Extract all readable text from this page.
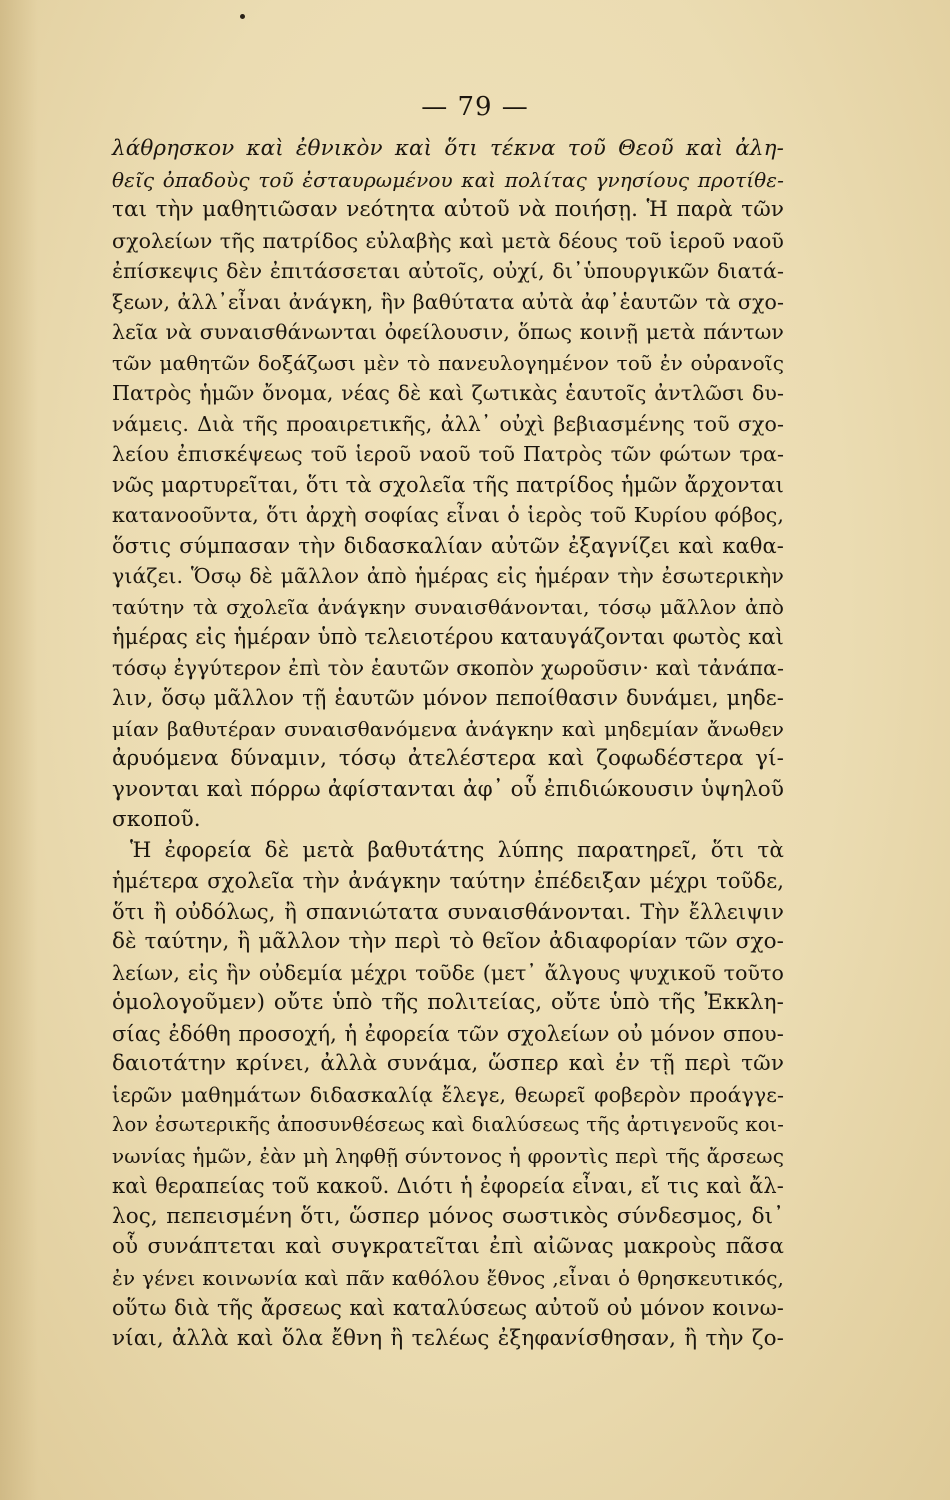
— 79 —
λάθρησκον καὶ ἐθνικὸν καὶ ὅτι τέκνα τοῦ Θεοῦ καὶ ἀλη-
θεῖς ὀπαδοὺς τοῦ ἐσταυρωμένου καὶ πολίτας γνησίους προτίθε-
ται τὴν μαθητιῶσαν νεότητα αὐτοῦ νὰ ποιήσῃ. Ἡ παρὰ τῶν
σχολείων τῆς πατρίδος εὐλαβὴς καὶ μετὰ δέους τοῦ ἱεροῦ ναοῦ
ἐπίσκεψις δὲν ἐπιτάσσεται αὐτοῖς, οὐχί, δι᾽ὑπουργικῶν διατά-
ξεων, ἀλλ᾽εἶναι ἀνάγκη, ἣν βαθύτατα αὐτὰ ἀφ᾽ἑαυτῶν τὰ σχο-
λεῖα νὰ συναισθάνωνται ὀφείλουσιν, ὅπως κοινῇ μετὰ πάντων
τῶν μαθητῶν δοξάζωσι μὲν τὸ πανευλογημένον τοῦ ἐν οὐρανοῖς
Πατρὸς ἡμῶν ὄνομα, νέας δὲ καὶ ζωτικὰς ἑαυτοῖς ἀντλῶσι δυ-
νάμεις. Διὰ τῆς προαιρετικῆς, ἀλλ᾽ οὐχὶ βεβιασμένης τοῦ σχο-
λείου ἐπισκέψεως τοῦ ἱεροῦ ναοῦ τοῦ Πατρὸς τῶν φώτων τρα-
νῶς μαρτυρεῖται, ὅτι τὰ σχολεῖα τῆς πατρίδος ἡμῶν ἄρχονται
κατανοοῦντα, ὅτι ἀρχὴ σοφίας εἶναι ὁ ἱερὸς τοῦ Κυρίου φόβος,
ὅστις σύμπασαν τὴν διδασκαλίαν αὐτῶν ἐξαγνίζει καὶ καθα-
γιάζει. Ὅσῳ δὲ μᾶλλον ἀπὸ ἡμέρας εἰς ἡμέραν τὴν ἐσωτερικὴν
ταύτην τὰ σχολεῖα ἀνάγκην συναισθάνονται, τόσῳ μᾶλλον ἀπὸ
ἡμέρας εἰς ἡμέραν ὑπὸ τελειοτέρου καταυγάζονται φωτὸς καὶ
τόσῳ ἐγγύτερον ἐπὶ τὸν ἑαυτῶν σκοπὸν χωροῦσιν· καὶ τἀνάπα-
λιν, ὅσῳ μᾶλλον τῇ ἑαυτῶν μόνον πεποίθασιν δυνάμει, μηδε-
μίαν βαθυτέραν συναισθανόμενα ἀνάγκην καὶ μηδεμίαν ἄνωθεν
ἀρυόμενα δύναμιν, τόσῳ ἀτελέστερα καὶ ζοφωδέστερα γί-
γνονται καὶ πόρρω ἀφίστανται ἀφ᾽ οὗ ἐπιδιώκουσιν ὑψηλοῦ
σκοποῦ.
Ἡ ἐφορεία δὲ μετὰ βαθυτάτης λύπης παρατηρεῖ, ὅτι τὰ
ἡμέτερα σχολεῖα τὴν ἀνάγκην ταύτην ἐπέδειξαν μέχρι τοῦδε,
ὅτι ἢ οὐδόλως, ἢ σπανιώτατα συναισθάνονται. Τὴν ἔλλειψιν
δὲ ταύτην, ἢ μᾶλλον τὴν περὶ τὸ θεῖον ἀδιαφορίαν τῶν σχο-
λείων, εἰς ἣν οὐδεμία μέχρι τοῦδε (μετ᾽ ἄλγους ψυχικοῦ τοῦτο
ὁμολογοῦμεν) οὔτε ὑπὸ τῆς πολιτείας, οὔτε ὑπὸ τῆς Ἐκκλη-
σίας ἐδόθη προσοχή, ἡ ἐφορεία τῶν σχολείων οὐ μόνον σπου-
δαιοτάτην κρίνει, ἀλλὰ συνάμα, ὥσπερ καὶ ἐν τῇ περὶ τῶν
ἱερῶν μαθημάτων διδασκαλίᾳ ἔλεγε, θεωρεῖ φοβερὸν προάγγε-
λον ἐσωτερικῆς ἀποσυνθέσεως καὶ διαλύσεως τῆς ἀρτιγενοῦς κοι-
νωνίας ἡμῶν, ἐὰν μὴ ληφθῇ σύντονος ἡ φροντὶς περὶ τῆς ἄρσεως
καὶ θεραπείας τοῦ κακοῦ. Διότι ἡ ἐφορεία εἶναι, εἴ τις καὶ ἄλ-
λος, πεπεισμένη ὅτι, ὥσπερ μόνος σωστικὸς σύνδεσμος, δι᾽
οὗ συνάπτεται καὶ συγκρατεῖται ἐπὶ αἰῶνας μακροὺς πᾶσα
ἐν γένει κοινωνία καὶ πᾶν καθόλου ἔθνος ,εἶναι ὁ θρησκευτικός,
οὕτω διὰ τῆς ἄρσεως καὶ καταλύσεως αὐτοῦ οὐ μόνον κοινω-
νίαι, ἀλλὰ καὶ ὅλα ἔθνη ἢ τελέως ἐξηφανίσθησαν, ἢ τὴν ζο-
